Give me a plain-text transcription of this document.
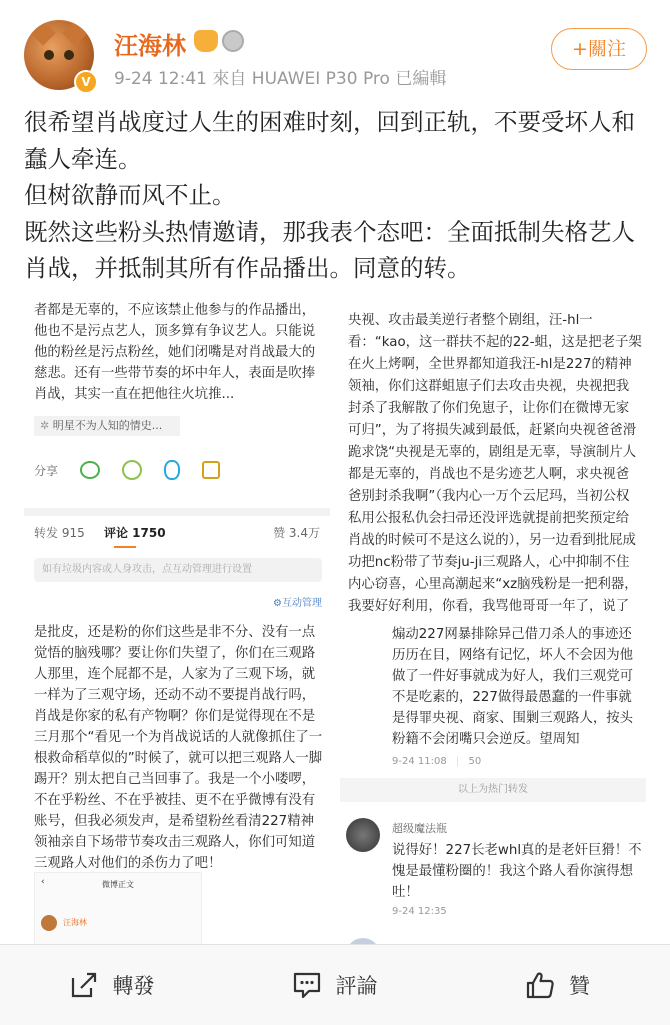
V
汪海林
9-24 12:41 來自 HUAWEI P30 Pro 已編輯
+關注

很希望肖战度过人生的困难时刻，回到正轨，不要受坏人和蠢人牵连。

但树欲静而风不止。

既然这些粉头热情邀请，那我表个态吧：全面抵制失格艺人肖战，并抵制其所有作品播出。同意的转。

者都是无辜的，不应该禁止他参与的作品播出，他也不是污点艺人，顶多算有争议艺人。只能说他的粉丝是污点粉丝，她们闭嘴是对肖战最大的慈悲。还有一些带节奏的坏中年人，表面是吹捧肖战，其实一直在把他往火坑推...
✲ 明星不为人知的情史...
分享
转发 915 评论 1750	赞 3.4万
如有垃圾内容或人身攻击，点互动管理进行设置
⚙互动管理
央视、攻击最美逆行者整个剧组，汪-hl一看：“kao，这一群扶不起的22-蛆，这是把老子架在火上烤啊，全世界都知道我汪-hl是227的精神领袖，你们这群蛆崽子们去攻击央视，央视把我封杀了我解散了你们免崽子，让你们在微博无家可归”，为了将损失减到最低，赶紧向央视爸爸滑跪求饶“央视是无辜的，剧组是无辜，导演制片人都是无辜的，肖战也不是劣迹艺人啊，求央视爸爸别封杀我啊”（我内心一万个云尼玛，当初公权私用公报私仇会扫帚还没评选就提前把奖预定给肖战的时候可不是这么说的），另一边看到批屁成功把nc粉带了节奏ju-ji三观路人，心中抑制不住内心窃喜，心里高潮起来“xz脑残粉是一把利器，我要好好利用，你看，我骂他哥哥一年了，说了
是批皮，还是粉的你们这些是非不分、没有一点觉悟的脑残哪？要让你们失望了，你们在三观路人那里，连个屁都不是，人家为了三观下场，就一样为了三观守场，还动不动不要提肖战行吗，肖战是你家的私有产物啊？你们是觉得现在不是三月那个“看见一个为肖战说话的人就像抓住了一根救命稻草似的”时候了，就可以把三观路人一脚踢开？别太把自己当回事了。我是一个小喽啰，不在乎粉丝、不在乎被挂、更不在乎微博有没有账号，但我必须发声，是希望粉丝看清227精神领袖亲自下场带节奏攻击三观路人，你们可知道三观路人对他们的杀伤力了吧！
微博正文
‹
汪海林
煽动227网暴排除异己借刀杀人的事迹还历历在目，网络有记忆，坏人不会因为他做了一件好事就成为好人，我们三观党可不是吃素的，227做得最愚蠢的一件事就是得罪央视、商家、围剿三观路人，按头粉籍不会闭嘴只会逆反。望周知
9-24 11:08 | 50
以上为热门转发
超级魔法瓶
说得好！227长老whl真的是老奸巨猾！不愧是最懂粉圈的！我这个路人看你演得想吐！
9-24 12:35
轉發	評論	贊
